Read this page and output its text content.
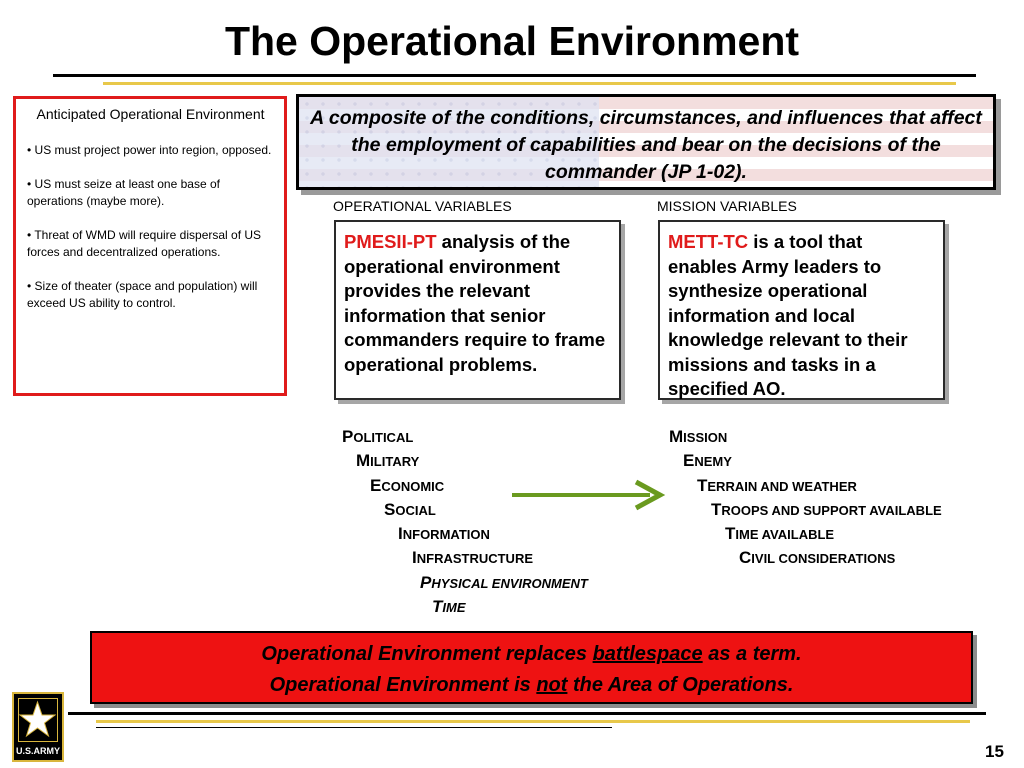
The Operational Environment
Anticipated Operational Environment
• US must project power into region, opposed.
• US must seize at least one base of operations (maybe more).
• Threat of WMD will require dispersal of US forces and decentralized operations.
• Size of theater (space and population) will exceed US ability to control.
A composite of the conditions, circumstances, and influences that affect the employment of capabilities and bear on the decisions of the commander (JP 1-02).
OPERATIONAL VARIABLES	MISSION VARIABLES
PMESII-PT analysis of the operational environment provides the relevant information that senior commanders require to frame operational problems.
METT-TC is a tool that enables Army leaders to synthesize operational information and local knowledge relevant to their missions and tasks in a specified AO.
POLITICAL
MILITARY
ECONOMIC
SOCIAL
INFORMATION
INFRASTRUCTURE
PHYSICAL ENVIRONMENT
TIME
MISSION
ENEMY
TERRAIN AND WEATHER
TROOPS AND SUPPORT AVAILABLE
TIME AVAILABLE
CIVIL CONSIDERATIONS
Operational Environment replaces battlespace as a term.
Operational Environment is not the Area of Operations.
U.S.ARMY	15
